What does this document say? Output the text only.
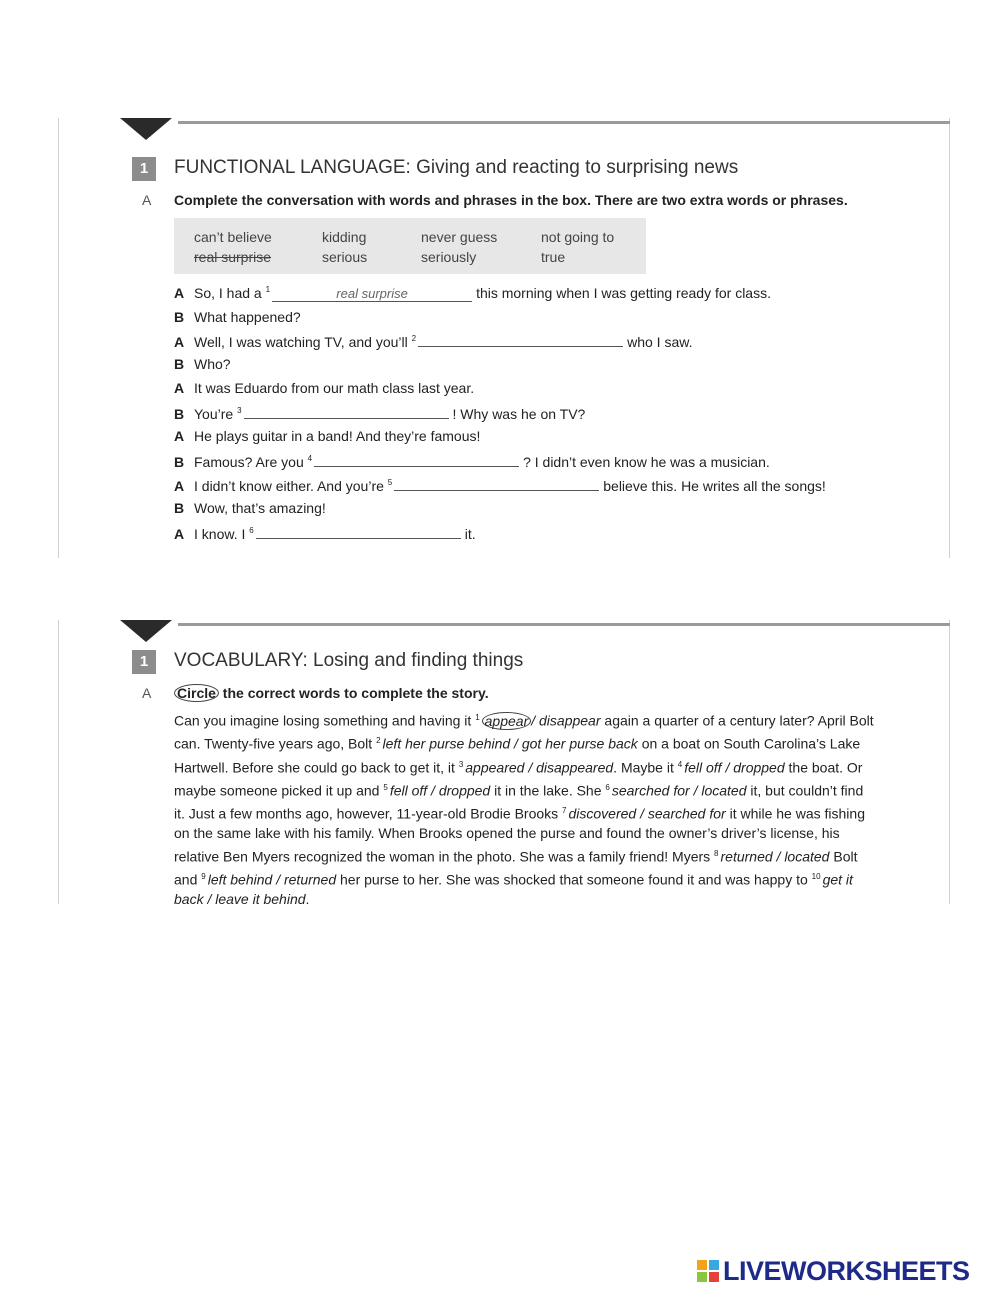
1	FUNCTIONAL LANGUAGE: Giving and reacting to surprising news
A Complete the conversation with words and phrases in the box. There are two extra words or phrases.
can’t believe	kidding	never guess	not going to
real surprise	serious	seriously	true
A So, I had a $^1$	real surprise	this morning when I was getting ready for class.
B What happened?
A Well, I was watching TV, and you’ll $^2$	who I saw.
B Who?
A It was Eduardo from our math class last year.
B You’re $^3$	! Why was he on TV?
A He plays guitar in a band! And they’re famous!
B Famous? Are you $^4$	? I didn’t even know he was a musician.
A I didn’t know either. And you’re $^5$	believe this. He writes all the songs!
B Wow, that’s amazing!
A I know. I $^6$	it.
1	VOCABULARY: Losing and finding things
A Circle the correct words to complete the story.
Can you imagine losing something and having it $^1$ appear / disappear again a quarter of a century later? April Bolt can. Twenty-five years ago, Bolt $^2$ left her purse behind / got her purse back on a boat on South Carolina’s Lake Hartwell. Before she could go back to get it, it $^3$ appeared / disappeared. Maybe it $^4$ fell off / dropped the boat. Or maybe someone picked it up and $^5$ fell off / dropped it in the lake. She $^6$ searched for / located it, but couldn’t find it. Just a few months ago, however, 11-year-old Brodie Brooks $^7$ discovered / searched for it while he was fishing on the same lake with his family. When Brooks opened the purse and found the owner’s driver’s license, his relative Ben Myers recognized the woman in the photo. She was a family friend! Myers $^8$ returned / located Bolt and $^9$ left behind / returned her purse to her. She was shocked that someone found it and was happy to $^{10}$ get it back / leave it behind.
LIVEWORKSHEETS
